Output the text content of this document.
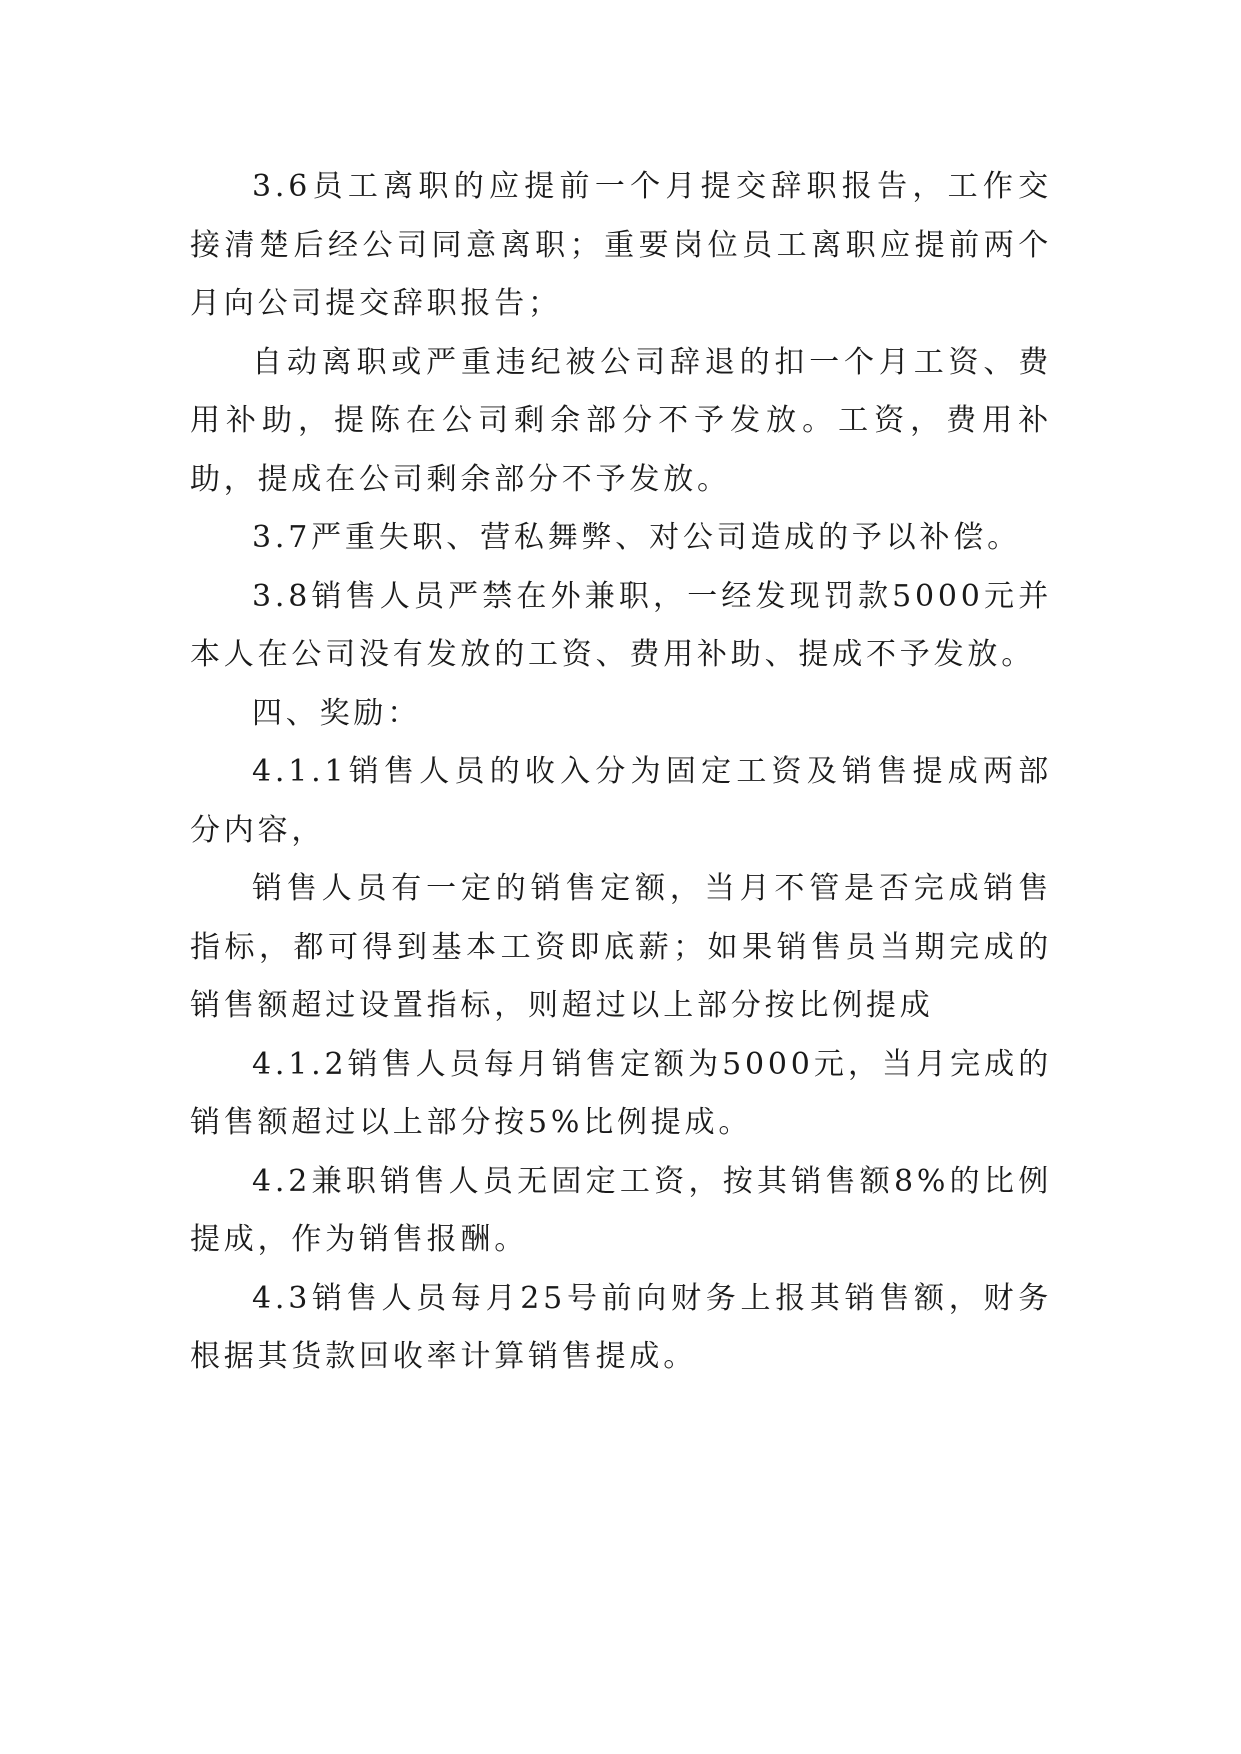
3.6员工离职的应提前一个月提交辞职报告，工作交接清楚后经公司同意离职；重要岗位员工离职应提前两个月向公司提交辞职报告；

自动离职或严重违纪被公司辞退的扣一个月工资、费用补助，提陈在公司剩余部分不予发放。工资，费用补助，提成在公司剩余部分不予发放。

3.7严重失职、营私舞弊、对公司造成的予以补偿。

3.8销售人员严禁在外兼职，一经发现罚款5000元并本人在公司没有发放的工资、费用补助、提成不予发放。

四、奖励：

4.1.1销售人员的收入分为固定工资及销售提成两部分内容，

销售人员有一定的销售定额，当月不管是否完成销售指标，都可得到基本工资即底薪；如果销售员当期完成的销售额超过设置指标，则超过以上部分按比例提成

4.1.2销售人员每月销售定额为5000元，当月完成的销售额超过以上部分按5%比例提成。

4.2兼职销售人员无固定工资，按其销售额8%的比例提成，作为销售报酬。

4.3销售人员每月25号前向财务上报其销售额，财务根据其货款回收率计算销售提成。
